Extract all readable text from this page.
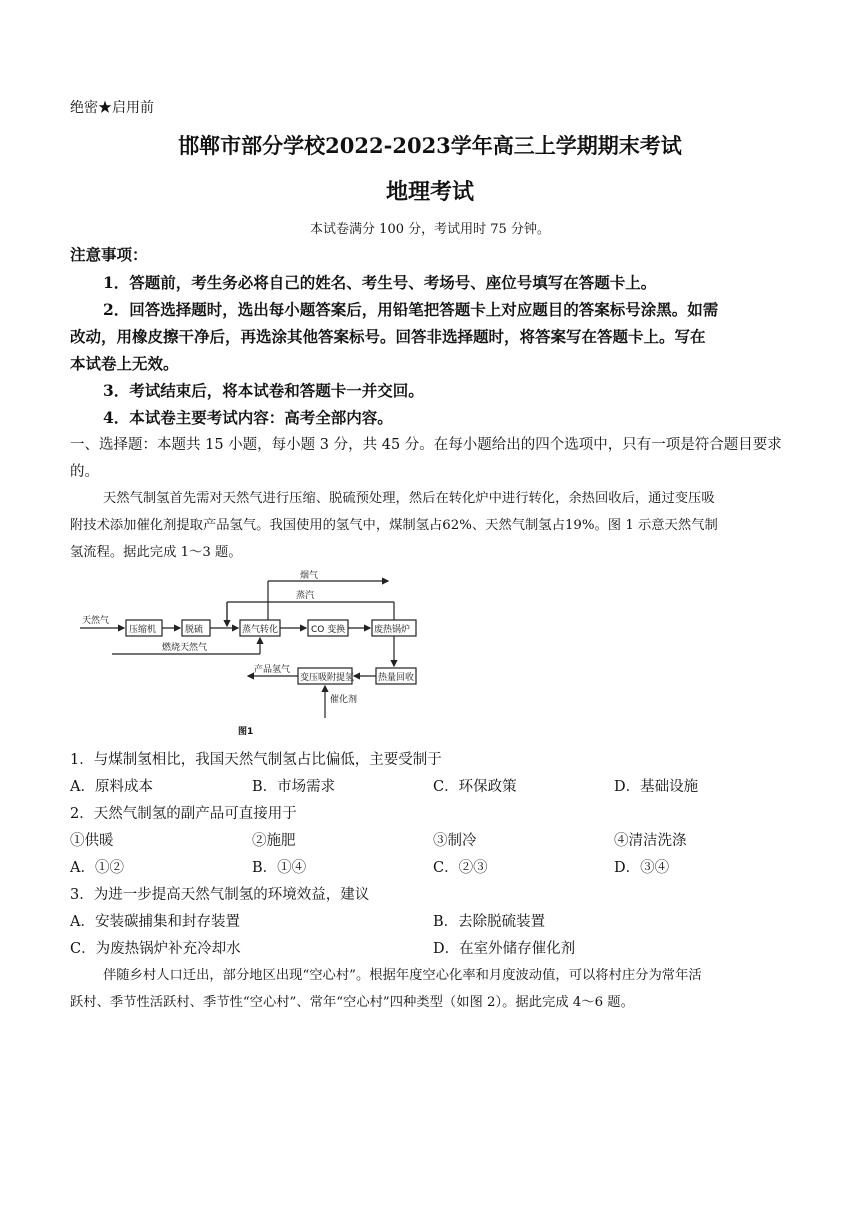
绝密★启用前
邯郸市部分学校2022-2023学年高三上学期期末考试
地理考试
本试卷满分 100 分，考试用时 75 分钟。
注意事项：
1．答题前，考生务必将自己的姓名、考生号、考场号、座位号填写在答题卡上。
2．回答选择题时，选出每小题答案后，用铅笔把答题卡上对应题目的答案标号涂黑。如需
改动，用橡皮擦干净后，再选涂其他答案标号。回答非选择题时，将答案写在答题卡上。写在
本试卷上无效。
3．考试结束后，将本试卷和答题卡一并交回。
4．本试卷主要考试内容：高考全部内容。
一、选择题：本题共 15 小题，每小题 3 分，共 45 分。在每小题给出的四个选项中，只有一项是符合题目要求
的。
天然气制氢首先需对天然气进行压缩、脱硫预处理，然后在转化炉中进行转化，余热回收后，通过变压吸
附技术添加催化剂提取产品氢气。我国使用的氢气中，煤制氢占62%、天然气制氢占19%。图 1 示意天然气制
氢流程。据此完成 1～3 题。
天然气
压缩机	脱硫	蒸气转化	CO 变换	废热锅炉
热量回收
变压吸附提氢
烟气
蒸汽
燃烧天然气
产品氢气
催化剂
图1
1．与煤制氢相比，我国天然气制氢占比偏低，主要受制于
A．原料成本	B．市场需求	C．环保政策	D．基础设施
2．天然气制氢的副产品可直接用于
①供暖	②施肥	③制冷	④清洁洗涤
A．①②	B．①④	C．②③	D．③④
3．为进一步提高天然气制氢的环境效益，建议
A．安装碳捕集和封存装置	B．去除脱硫装置
C．为废热锅炉补充冷却水	D．在室外储存催化剂
伴随乡村人口迁出，部分地区出现“空心村”。根据年度空心化率和月度波动值，可以将村庄分为常年活
跃村、季节性活跃村、季节性“空心村”、常年“空心村”四种类型（如图 2）。据此完成 4～6 题。
